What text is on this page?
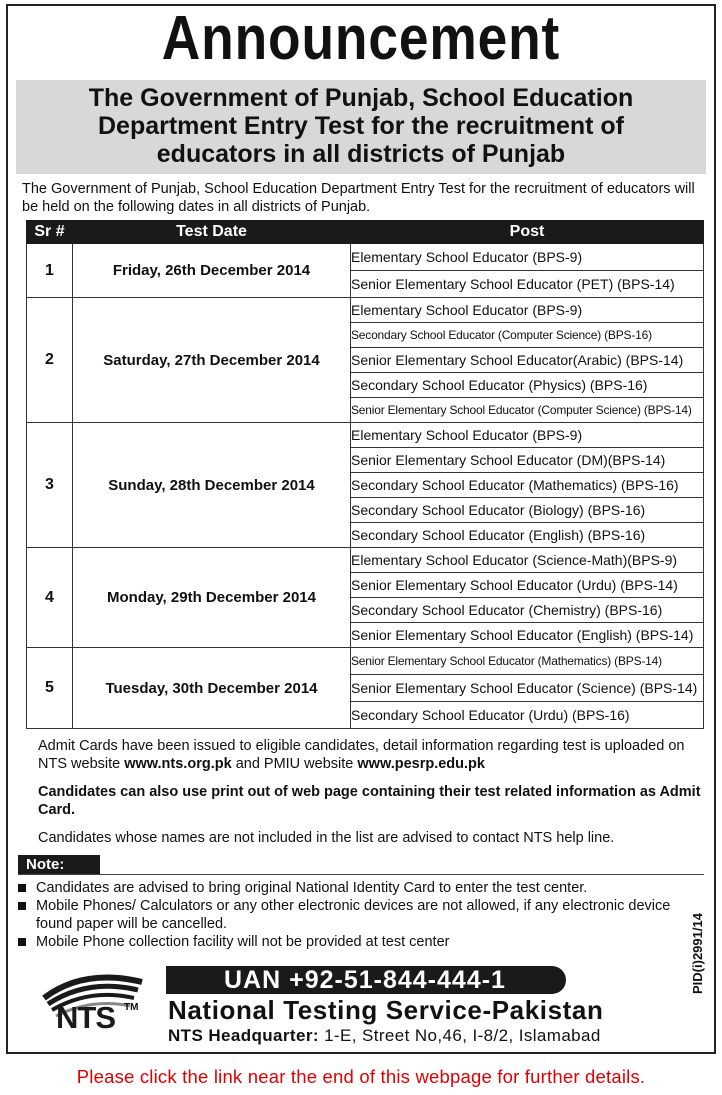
Announcement
The Government of Punjab, School Education Department Entry Test for the recruitment of educators in all districts of Punjab
The Government of Punjab, School Education Department Entry Test for the recruitment of educators will be held on the following dates in all districts of Punjab.
Sr #	Test Date	Post
1	Friday, 26th December 2014	Elementary School Educator (BPS-9)
		Senior Elementary School Educator (PET) (BPS-14)
2	Saturday, 27th December 2014	Elementary School Educator (BPS-9)
		Secondary School Educator (Computer Science) (BPS-16)
		Senior Elementary School Educator(Arabic) (BPS-14)
		Secondary School Educator (Physics) (BPS-16)
		Senior Elementary School Educator (Computer Science) (BPS-14)
3	Sunday, 28th December 2014	Elementary School Educator (BPS-9)
		Senior Elementary School Educator (DM)(BPS-14)
		Secondary School Educator (Mathematics) (BPS-16)
		Secondary School Educator (Biology) (BPS-16)
		Secondary School Educator (English) (BPS-16)
4	Monday, 29th December 2014	Elementary School Educator (Science-Math)(BPS-9)
		Senior Elementary School Educator (Urdu) (BPS-14)
		Secondary School Educator (Chemistry) (BPS-16)
		Senior Elementary School Educator (English) (BPS-14)
5	Tuesday, 30th December 2014	Senior Elementary School Educator (Mathematics) (BPS-14)
		Senior Elementary School Educator (Science) (BPS-14)
		Secondary School Educator (Urdu) (BPS-16)
Admit Cards have been issued to eligible candidates, detail information regarding test is uploaded on NTS website www.nts.org.pk and PMIU website www.pesrp.edu.pk
Candidates can also use print out of web page containing their test related information as Admit Card.
Candidates whose names are not included in the list are advised to contact NTS help line.
Note:
Candidates are advised to bring original National Identity Card to enter the test center.
Mobile Phones/ Calculators or any other electronic devices are not allowed, if any electronic device found paper will be cancelled.
Mobile Phone collection facility will not be provided at test center	PID(i)2991/14
NTS TM
UAN +92-51-844-444-1
National Testing Service-Pakistan
NTS Headquarter: 1-E, Street No,46, I-8/2, Islamabad
Please click the link near the end of this webpage for further details.
